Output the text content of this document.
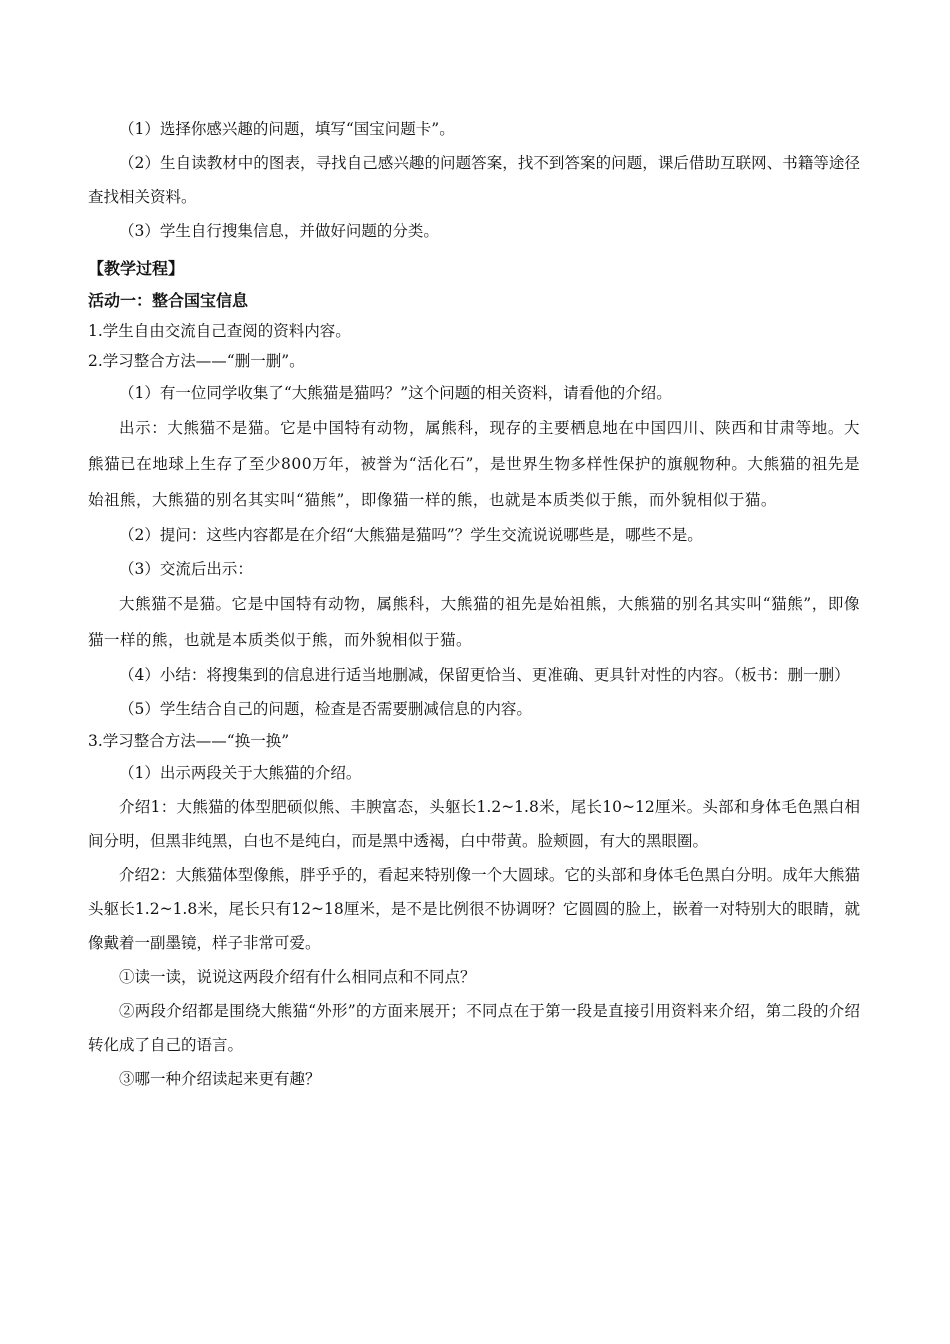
（1）选择你感兴趣的问题，填写“国宝问题卡”。

（2）生自读教材中的图表，寻找自己感兴趣的问题答案，找不到答案的问题，课后借助互联网、书籍等途径查找相关资料。

（3）学生自行搜集信息，并做好问题的分类。

【教学过程】

活动一：整合国宝信息

1.学生自由交流自己查阅的资料内容。

2.学习整合方法——“删一删”。

（1）有一位同学收集了“大熊猫是猫吗？”这个问题的相关资料，请看他的介绍。

出示：大熊猫不是猫。它是中国特有动物，属熊科，现存的主要栖息地在中国四川、陕西和甘肃等地。大熊猫已在地球上生存了至少800万年，被誉为“活化石”，是世界生物多样性保护的旗舰物种。大熊猫的祖先是始祖熊，大熊猫的别名其实叫“猫熊”，即像猫一样的熊，也就是本质类似于熊，而外貌相似于猫。

（2）提问：这些内容都是在介绍“大熊猫是猫吗”？学生交流说说哪些是，哪些不是。

（3）交流后出示：

大熊猫不是猫。它是中国特有动物，属熊科，大熊猫的祖先是始祖熊，大熊猫的别名其实叫“猫熊”，即像猫一样的熊，也就是本质类似于熊，而外貌相似于猫。

（4）小结：将搜集到的信息进行适当地删减，保留更恰当、更准确、更具针对性的内容。（板书：删一删）

（5）学生结合自己的问题，检查是否需要删减信息的内容。

3.学习整合方法——“换一换”

（1）出示两段关于大熊猫的介绍。

介绍1：大熊猫的体型肥硕似熊、丰腴富态，头躯长1.2~1.8米，尾长10~12厘米。头部和身体毛色黑白相间分明，但黑非纯黑，白也不是纯白，而是黑中透褐，白中带黄。脸颊圆，有大的黑眼圈。

介绍2：大熊猫体型像熊，胖乎乎的，看起来特别像一个大圆球。它的头部和身体毛色黑白分明。成年大熊猫头躯长1.2~1.8米，尾长只有12~18厘米，是不是比例很不协调呀？它圆圆的脸上，嵌着一对特别大的眼睛，就像戴着一副墨镜，样子非常可爱。

①读一读，说说这两段介绍有什么相同点和不同点？

②两段介绍都是围绕大熊猫“外形”的方面来展开；不同点在于第一段是直接引用资料来介绍，第二段的介绍转化成了自己的语言。

③哪一种介绍读起来更有趣？
